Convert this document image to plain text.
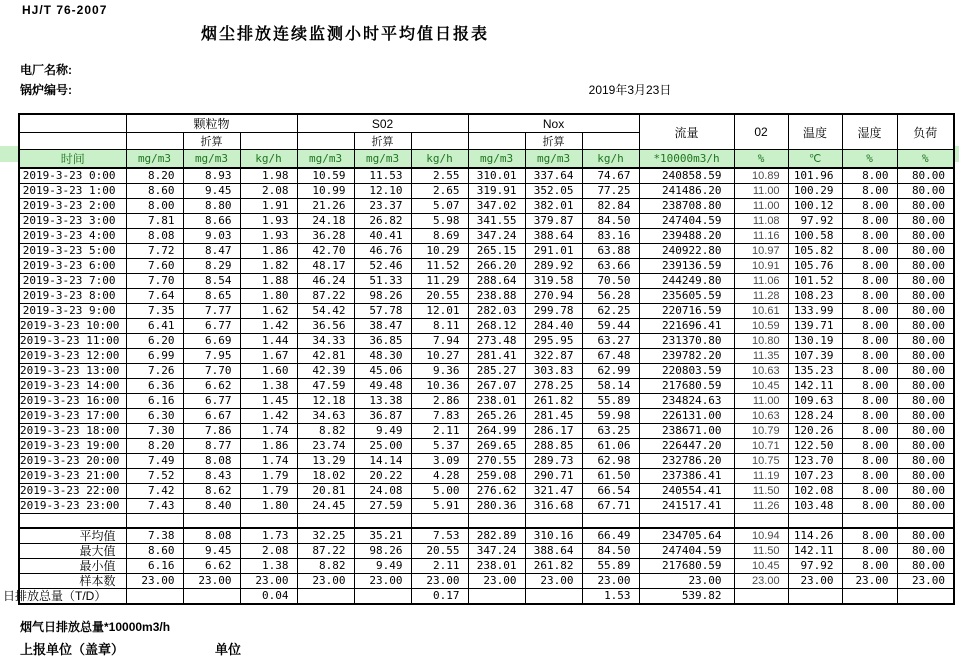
HJ/T 76-2007
烟尘排放连续监测小时平均值日报表
电厂名称:
锅炉编号:	2019年3月23日
	颗粒物			S02			Nox			流量	02	温度	湿度	负荷
		折算			折算			折算						
时间	mg/m3	mg/m3	kg/h	mg/m3	mg/m3	kg/h	mg/m3	mg/m3	kg/h	*10000m3/h	%	℃	%	%
2019-3-23 0:00	8.20	8.93	1.98	10.59	11.53	2.55	310.01	337.64	74.67	240858.59	10.89	101.96	8.00	80.00
2019-3-23 1:00	8.60	9.45	2.08	10.99	12.10	2.65	319.91	352.05	77.25	241486.20	11.00	100.29	8.00	80.00
2019-3-23 2:00	8.00	8.80	1.91	21.26	23.37	5.07	347.02	382.01	82.84	238708.80	11.00	100.12	8.00	80.00
2019-3-23 3:00	7.81	8.66	1.93	24.18	26.82	5.98	341.55	379.87	84.50	247404.59	11.08	97.92	8.00	80.00
2019-3-23 4:00	8.08	9.03	1.93	36.28	40.41	8.69	347.24	388.64	83.16	239488.20	11.16	100.58	8.00	80.00
2019-3-23 5:00	7.72	8.47	1.86	42.70	46.76	10.29	265.15	291.01	63.88	240922.80	10.97	105.82	8.00	80.00
2019-3-23 6:00	7.60	8.29	1.82	48.17	52.46	11.52	266.20	289.92	63.66	239136.59	10.91	105.76	8.00	80.00
2019-3-23 7:00	7.70	8.54	1.88	46.24	51.33	11.29	288.64	319.58	70.50	244249.80	11.06	101.52	8.00	80.00
2019-3-23 8:00	7.64	8.65	1.80	87.22	98.26	20.55	238.88	270.94	56.28	235605.59	11.28	108.23	8.00	80.00
2019-3-23 9:00	7.35	7.77	1.62	54.42	57.78	12.01	282.03	299.78	62.25	220716.59	10.61	133.99	8.00	80.00
2019-3-23 10:00	6.41	6.77	1.42	36.56	38.47	8.11	268.12	284.40	59.44	221696.41	10.59	139.71	8.00	80.00
2019-3-23 11:00	6.20	6.69	1.44	34.33	36.85	7.94	273.48	295.95	63.27	231370.80	10.80	130.19	8.00	80.00
2019-3-23 12:00	6.99	7.95	1.67	42.81	48.30	10.27	281.41	322.87	67.48	239782.20	11.35	107.39	8.00	80.00
2019-3-23 13:00	7.26	7.70	1.60	42.39	45.06	9.36	285.27	303.83	62.99	220803.59	10.63	135.23	8.00	80.00
2019-3-23 14:00	6.36	6.62	1.38	47.59	49.48	10.36	267.07	278.25	58.14	217680.59	10.45	142.11	8.00	80.00
2019-3-23 16:00	6.16	6.77	1.45	12.18	13.38	2.86	238.01	261.82	55.89	234824.63	11.00	109.63	8.00	80.00
2019-3-23 17:00	6.30	6.67	1.42	34.63	36.87	7.83	265.26	281.45	59.98	226131.00	10.63	128.24	8.00	80.00
2019-3-23 18:00	7.30	7.86	1.74	8.82	9.49	2.11	264.99	286.17	63.25	238671.00	10.79	120.26	8.00	80.00
2019-3-23 19:00	8.20	8.77	1.86	23.74	25.00	5.37	269.65	288.85	61.06	226447.20	10.71	122.50	8.00	80.00
2019-3-23 20:00	7.49	8.08	1.74	13.29	14.14	3.09	270.55	289.73	62.98	232786.20	10.75	123.70	8.00	80.00
2019-3-23 21:00	7.52	8.43	1.79	18.02	20.22	4.28	259.08	290.71	61.50	237386.41	11.19	107.23	8.00	80.00
2019-3-23 22:00	7.42	8.62	1.79	20.81	24.08	5.00	276.62	321.47	66.54	240554.41	11.50	102.08	8.00	80.00
2019-3-23 23:00	7.43	8.40	1.80	24.45	27.59	5.91	280.36	316.68	67.71	241517.41	11.26	103.48	8.00	80.00

平均值	7.38	8.08	1.73	32.25	35.21	7.53	282.89	310.16	66.49	234705.64	10.94	114.26	8.00	80.00
最大值	8.60	9.45	2.08	87.22	98.26	20.55	347.24	388.64	84.50	247404.59	11.50	142.11	8.00	80.00
最小值	6.16	6.62	1.38	8.82	9.49	2.11	238.01	261.82	55.89	217680.59	10.45	97.92	8.00	80.00
样本数	23.00	23.00	23.00	23.00	23.00	23.00	23.00	23.00	23.00	23.00	23.00	23.00	23.00	23.00

日排放总量（T/D）			0.04			0.17			1.53	539.82				
烟气日排放总量*10000m3/h
上报单位（盖章）	单位
